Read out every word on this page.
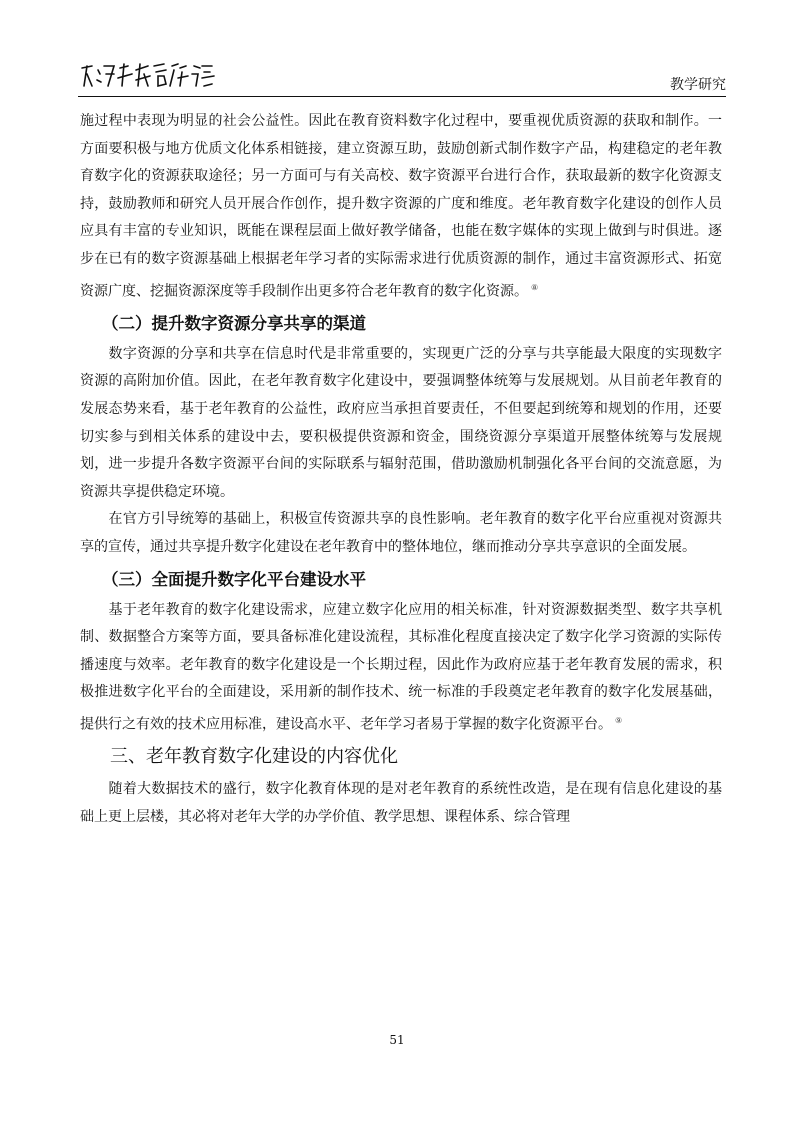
教学研究

施过程中表现为明显的社会公益性。因此在教育资料数字化过程中，要重视优质资源的获取和制作。一方面要积极与地方优质文化体系相链接，建立资源互助，鼓励创新式制作数字产品，构建稳定的老年教育数字化的资源获取途径；另一方面可与有关高校、数字资源平台进行合作，获取最新的数字化资源支持，鼓励教师和研究人员开展合作创作，提升数字资源的广度和维度。老年教育数字化建设的创作人员应具有丰富的专业知识，既能在课程层面上做好教学储备，也能在数字媒体的实现上做到与时俱进。逐步在已有的数字资源基础上根据老年学习者的实际需求进行优质资源的制作，通过丰富资源形式、拓宽资源广度、挖掘资源深度等手段制作出更多符合老年教育的数字化资源。 ⑧

（二）提升数字资源分享共享的渠道

　　数字资源的分享和共享在信息时代是非常重要的，实现更广泛的分享与共享能最大限度的实现数字资源的高附加价值。因此，在老年教育数字化建设中，要强调整体统筹与发展规划。从目前老年教育的发展态势来看，基于老年教育的公益性，政府应当承担首要责任，不但要起到统筹和规划的作用，还要切实参与到相关体系的建设中去，要积极提供资源和资金，围绕资源分享渠道开展整体统筹与发展规划，进一步提升各数字资源平台间的实际联系与辐射范围，借助激励机制强化各平台间的交流意愿，为资源共享提供稳定环境。

　　在官方引导统筹的基础上，积极宣传资源共享的良性影响。老年教育的数字化平台应重视对资源共享的宣传，通过共享提升数字化建设在老年教育中的整体地位，继而推动分享共享意识的全面发展。

（三）全面提升数字化平台建设水平

　　基于老年教育的数字化建设需求，应建立数字化应用的相关标准，针对资源数据类型、数字共享机制、数据整合方案等方面，要具备标准化建设流程，其标准化程度直接决定了数字化学习资源的实际传播速度与效率。老年教育的数字化建设是一个长期过程，因此作为政府应基于老年教育发展的需求，积极推进数字化平台的全面建设，采用新的制作技术、统一标准的手段奠定老年教育的数字化发展基础，提供行之有效的技术应用标准，建设高水平、老年学习者易于掌握的数字化资源平台。 ⑨

三、老年教育数字化建设的内容优化

　　随着大数据技术的盛行，数字化教育体现的是对老年教育的系统性改造，是在现有信息化建设的基础上更上层楼，其必将对老年大学的办学价值、教学思想、课程体系、综合管理

51
